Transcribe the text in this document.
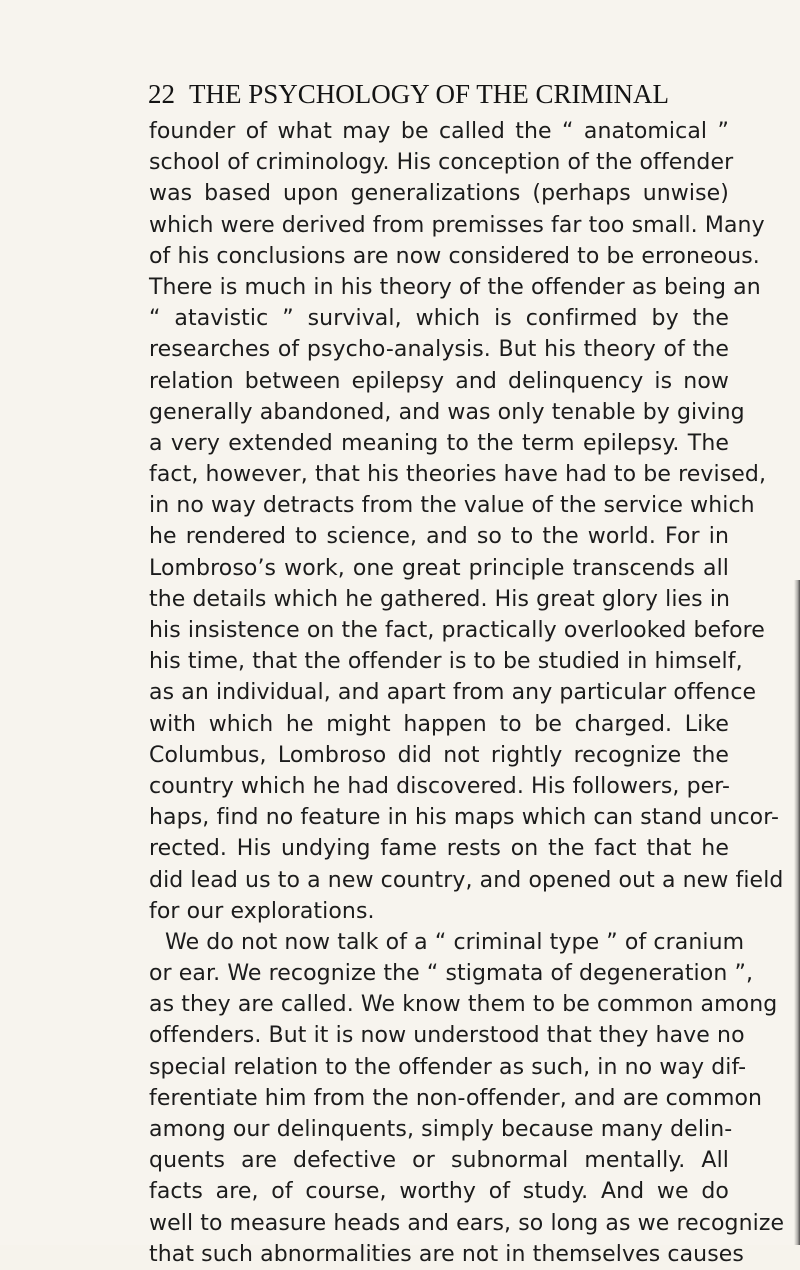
22 THE PSYCHOLOGY OF THE CRIMINAL
founder of what may be called the “ anatomical ”
school of criminology. His conception of the offender
was based upon generalizations (perhaps unwise)
which were derived from premisses far too small. Many
of his conclusions are now considered to be erroneous.
There is much in his theory of the offender as being an
“ atavistic ” survival, which is confirmed by the
researches of psycho-analysis. But his theory of the
relation between epilepsy and delinquency is now
generally abandoned, and was only tenable by giving
a very extended meaning to the term epilepsy. The
fact, however, that his theories have had to be revised,
in no way detracts from the value of the service which
he rendered to science, and so to the world. For in
Lombroso’s work, one great principle transcends all
the details which he gathered. His great glory lies in
his insistence on the fact, practically overlooked before
his time, that the offender is to be studied in himself,
as an individual, and apart from any particular offence
with which he might happen to be charged. Like
Columbus, Lombroso did not rightly recognize the
country which he had discovered. His followers, per-
haps, find no feature in his maps which can stand uncor-
rected. His undying fame rests on the fact that he
did lead us to a new country, and opened out a new field
for our explorations.
We do not now talk of a “ criminal type ” of cranium
or ear. We recognize the “ stigmata of degeneration ”,
as they are called. We know them to be common among
offenders. But it is now understood that they have no
special relation to the offender as such, in no way dif-
ferentiate him from the non-offender, and are common
among our delinquents, simply because many delin-
quents are defective or subnormal mentally. All
facts are, of course, worthy of study. And we do
well to measure heads and ears, so long as we recognize
that such abnormalities are not in themselves causes
